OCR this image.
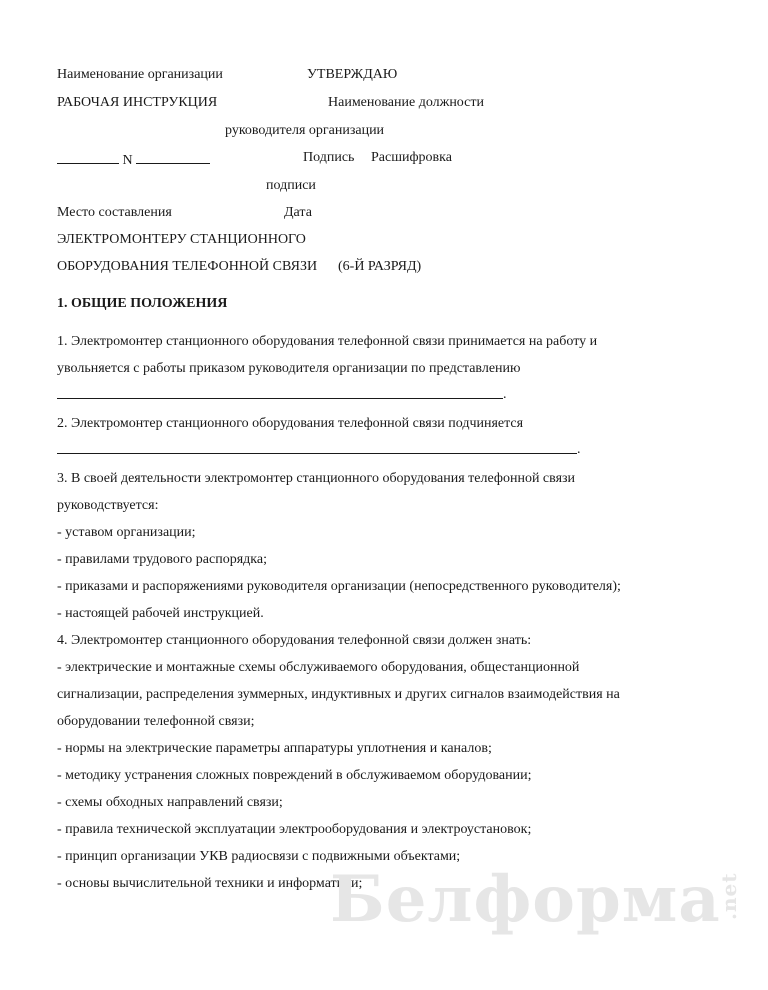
Наименование организации	УТВЕРЖДАЮ
РАБОЧАЯ ИНСТРУКЦИЯ	Наименование должности
руководителя организации
N	Подпись Расшифровка
подписи
Место составления	Дата
ЭЛЕКТРОМОНТЕРУ СТАНЦИОННОГО
ОБОРУДОВАНИЯ ТЕЛЕФОННОЙ СВЯЗИ (6-Й РАЗРЯД)
1. ОБЩИЕ ПОЛОЖЕНИЯ
1. Электромонтер станционного оборудования телефонной связи принимается на работу и
увольняется с работы приказом руководителя организации по представлению
.
2. Электромонтер станционного оборудования телефонной связи подчиняется
.
3. В своей деятельности электромонтер станционного оборудования телефонной связи
руководствуется:
- уставом организации;
- правилами трудового распорядка;
- приказами и распоряжениями руководителя организации (непосредственного руководителя);
- настоящей рабочей инструкцией.
4. Электромонтер станционного оборудования телефонной связи должен знать:
- электрические и монтажные схемы обслуживаемого оборудования, общестанционной
сигнализации, распределения зуммерных, индуктивных и других сигналов взаимодействия на
оборудовании телефонной связи;
- нормы на электрические параметры аппаратуры уплотнения и каналов;
- методику устранения сложных повреждений в обслуживаемом оборудовании;
- схемы обходных направлений связи;
- правила технической эксплуатации электрооборудования и электроустановок;
- принцип организации УКВ радиосвязи с подвижными объектами;
- основы вычислительной техники и информатики;
Белформа.net
